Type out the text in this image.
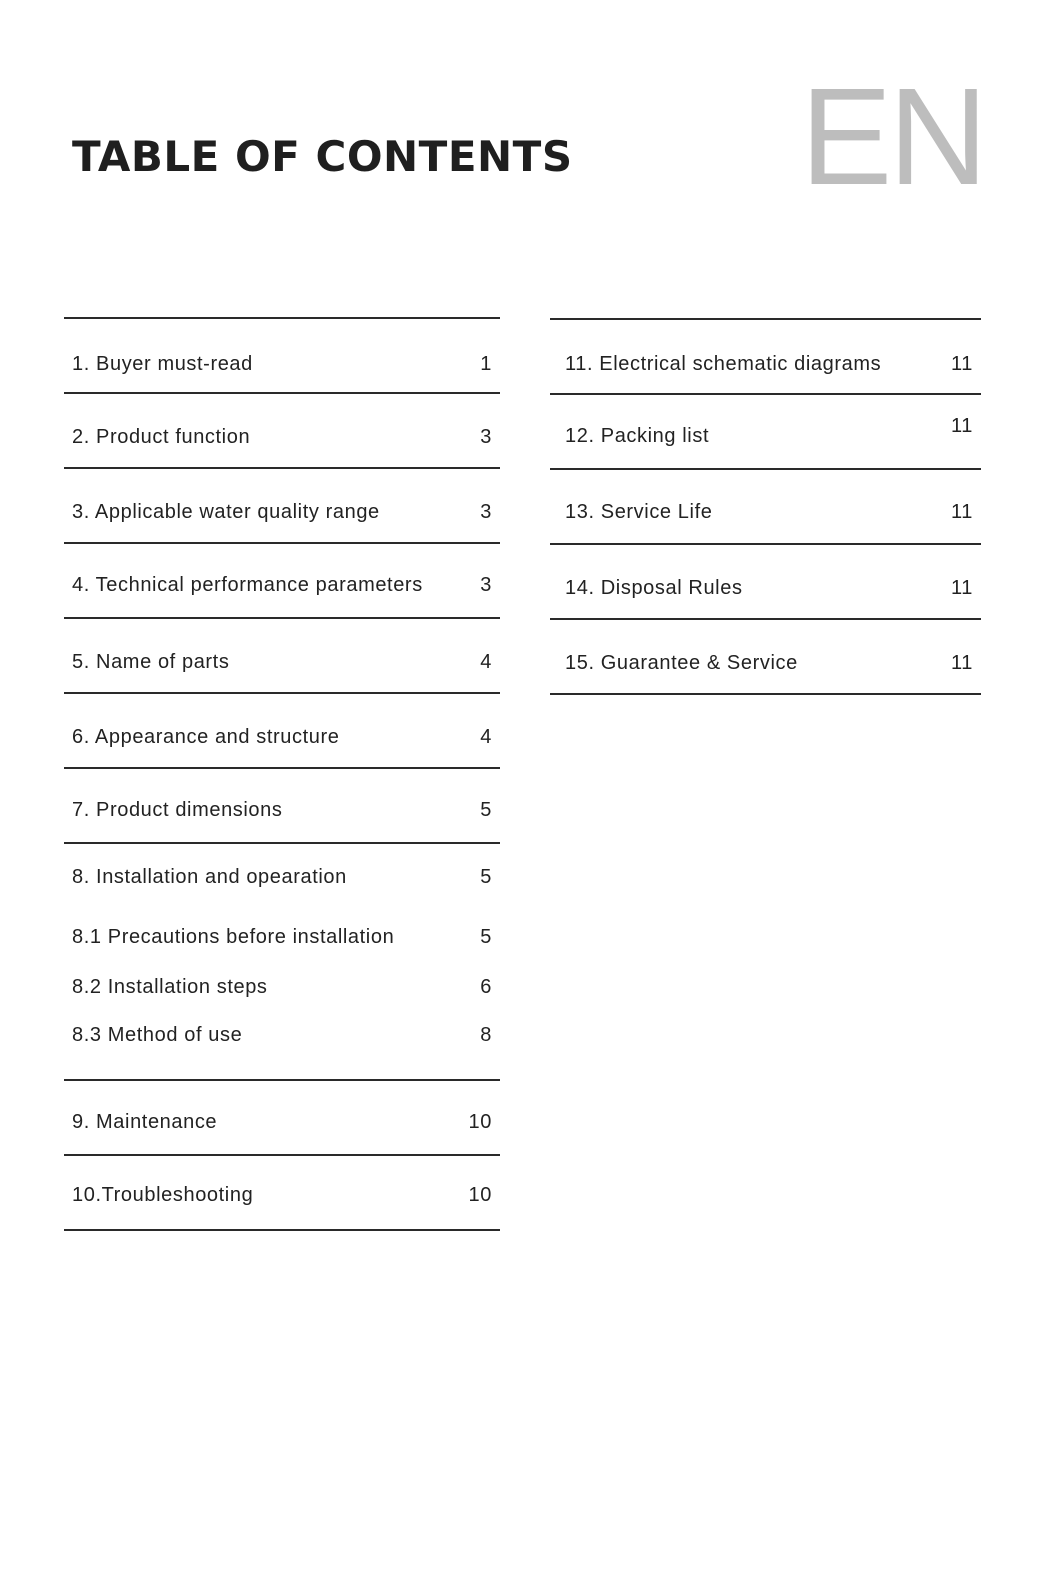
TABLE OF CONTENTS EN
1. Buyer must-read	1
2. Product function	3
3. Applicable water quality range	3
4. Technical performance parameters	3
5. Name of parts	4
6. Appearance and structure	4
7. Product dimensions	5
8. Installation and opearation	5
8.1 Precautions before installation	5
8.2 Installation steps	6
8.3 Method of use	8
9. Maintenance	10
10.Troubleshooting	10
11. Electrical schematic diagrams	11
12. Packing list	11
13. Service Life	11
14. Disposal Rules	11
15. Guarantee & Service	11
